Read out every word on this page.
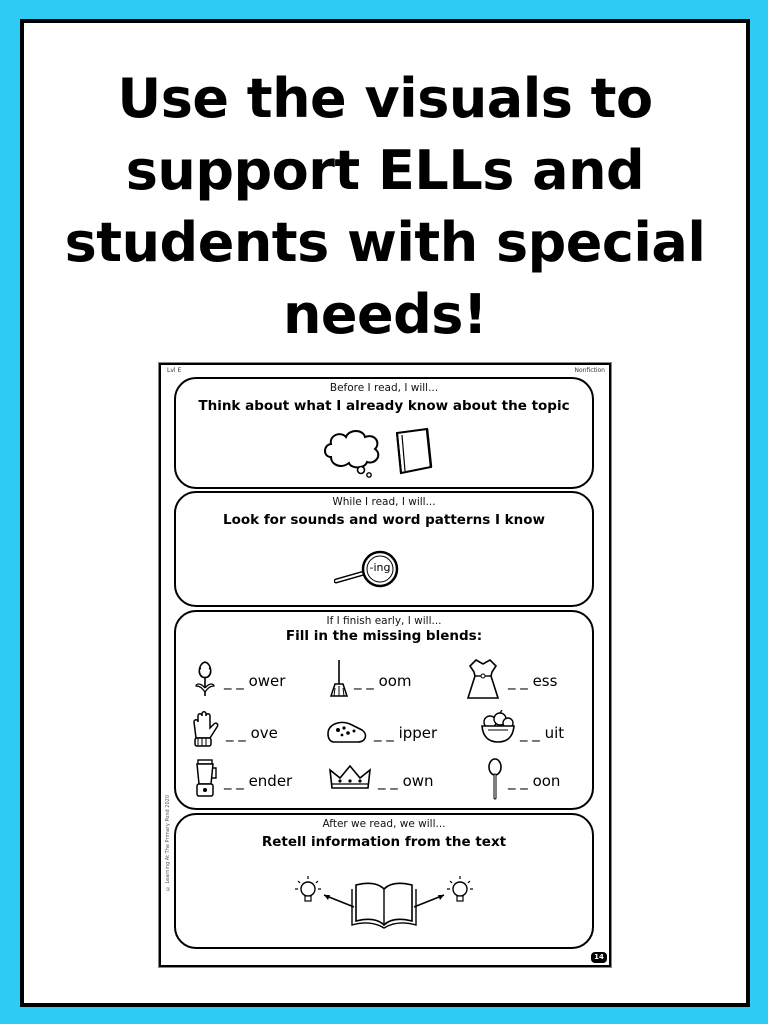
Use the visuals to
support ELLs and
students with special
needs!
Lvl E	Nonfiction
© Learning At The Primary Pond 2020
14
Before I read, I will...
Think about what I already know about the topic
While I read, I will...
Look for sounds and word patterns I know
-ing
If I finish early, I will...
Fill in the missing blends:
_ _ ower	_ _ oom	_ _ ess
_ _ ove	_ _ ipper	_ _ uit
_ _ ender	_ _ own	_ _ oon
After we read, we will...
Retell information from the text
